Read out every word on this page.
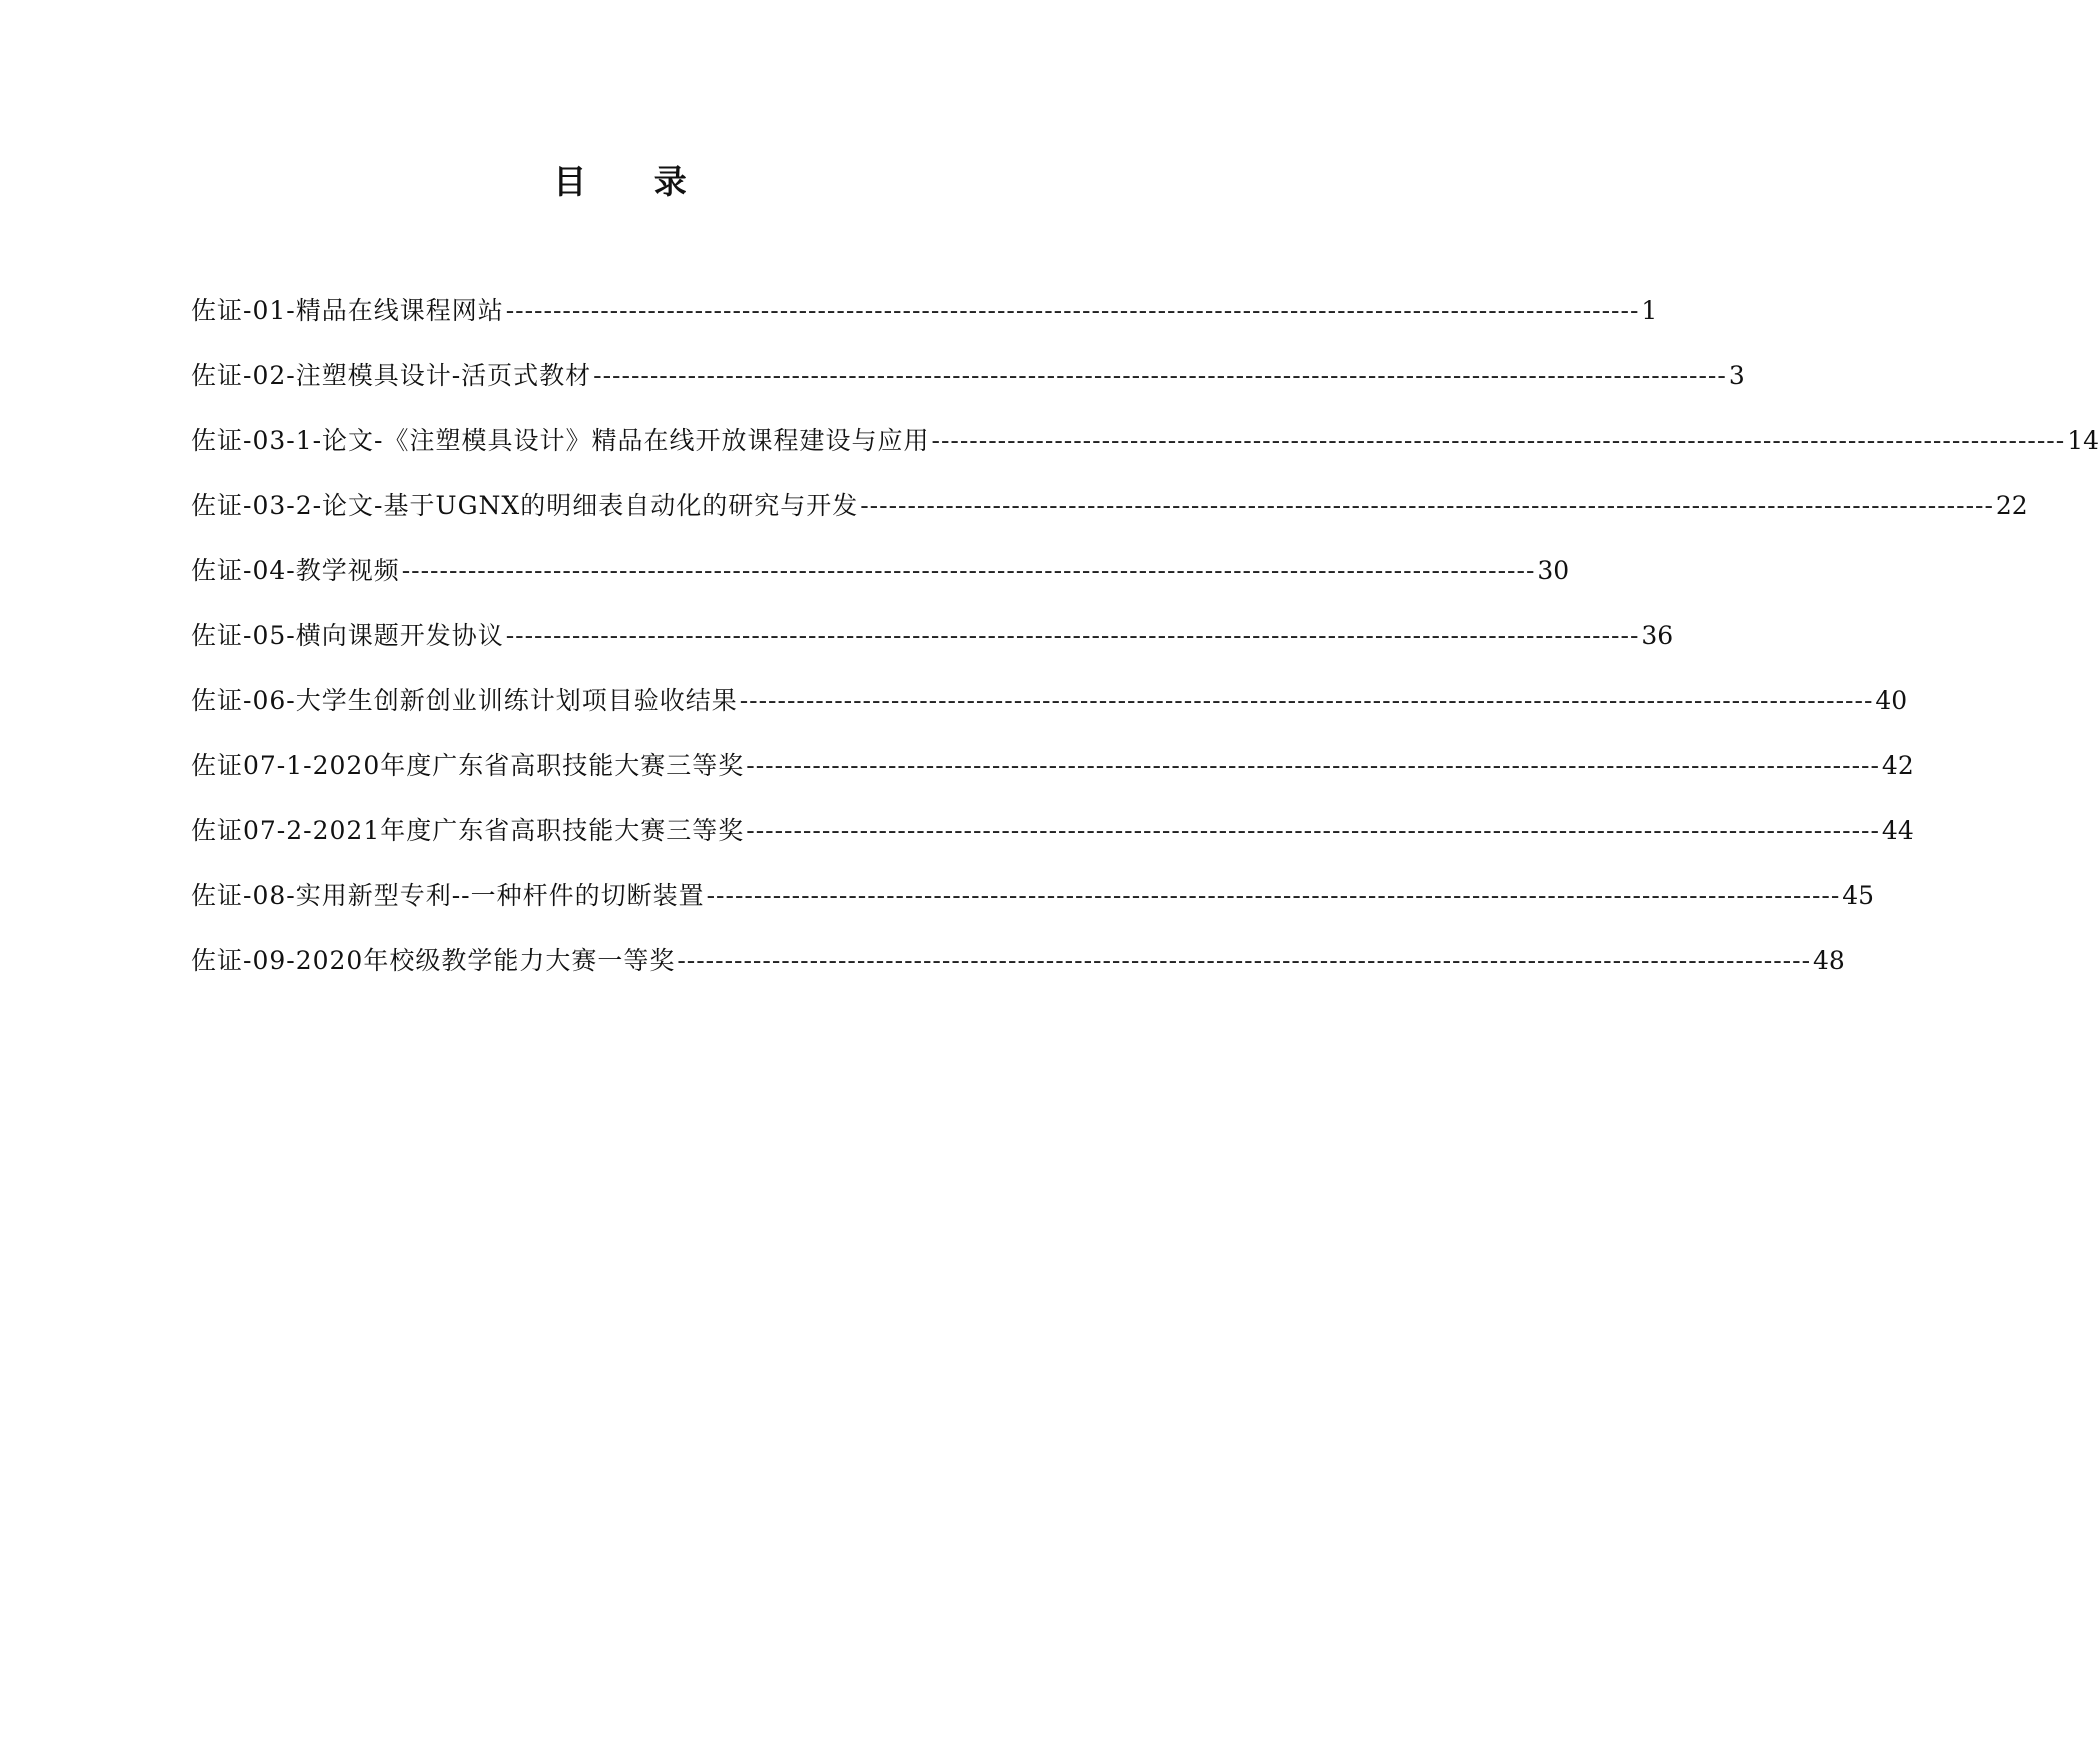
目 录
佐证-01-精品在线课程网站 ------------------------------------------------------------------------------------------------------------------------ 1
佐证-02-注塑模具设计-活页式教材 ------------------------------------------------------------------------------------------------------------------------ 3
佐证-03-1-论文-《注塑模具设计》精品在线开放课程建设与应用 ------------------------------------------------------------------------------------------------------------------------ 14
佐证-03-2-论文-基于UGNX的明细表自动化的研究与开发 ------------------------------------------------------------------------------------------------------------------------ 22
佐证-04-教学视频 ------------------------------------------------------------------------------------------------------------------------ 30
佐证-05-横向课题开发协议 ------------------------------------------------------------------------------------------------------------------------ 36
佐证-06-大学生创新创业训练计划项目验收结果 ------------------------------------------------------------------------------------------------------------------------ 40
佐证07-1-2020年度广东省高职技能大赛三等奖 ------------------------------------------------------------------------------------------------------------------------ 42
佐证07-2-2021年度广东省高职技能大赛三等奖 ------------------------------------------------------------------------------------------------------------------------ 44
佐证-08-实用新型专利--一种杆件的切断装置 ------------------------------------------------------------------------------------------------------------------------ 45
佐证-09-2020年校级教学能力大赛一等奖 ------------------------------------------------------------------------------------------------------------------------ 48
